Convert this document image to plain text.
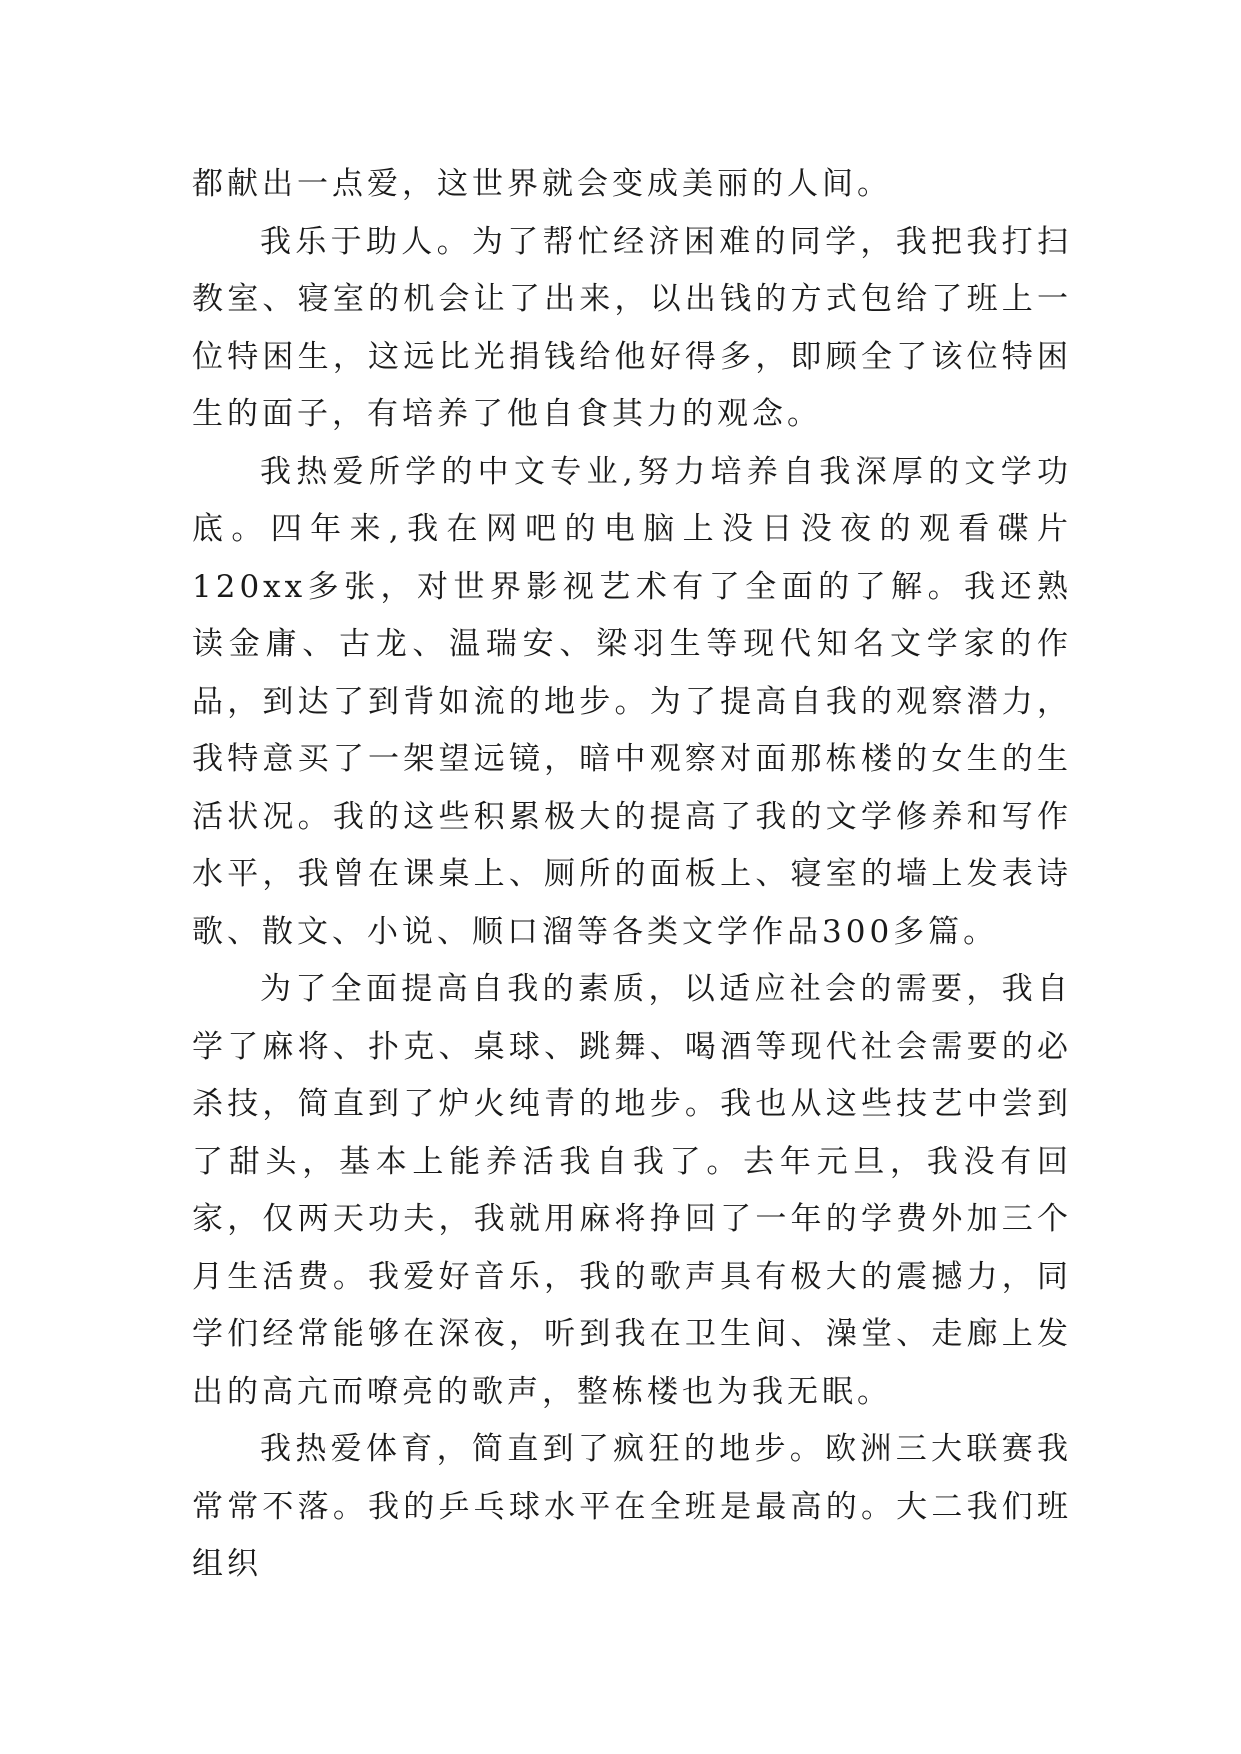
都献出一点爱，这世界就会变成美丽的人间。

我乐于助人。为了帮忙经济困难的同学，我把我打扫教室、寝室的机会让了出来，以出钱的方式包给了班上一位特困生，这远比光捐钱给他好得多，即顾全了该位特困生的面子，有培养了他自食其力的观念。

我热爱所学的中文专业,努力培养自我深厚的文学功底。四年来,我在网吧的电脑上没日没夜的观看碟片120xx多张，对世界影视艺术有了全面的了解。我还熟读金庸、古龙、温瑞安、梁羽生等现代知名文学家的作品，到达了到背如流的地步。为了提高自我的观察潜力，我特意买了一架望远镜，暗中观察对面那栋楼的女生的生活状况。我的这些积累极大的提高了我的文学修养和写作水平，我曾在课桌上、厕所的面板上、寝室的墙上发表诗歌、散文、小说、顺口溜等各类文学作品300多篇。

为了全面提高自我的素质，以适应社会的需要，我自学了麻将、扑克、桌球、跳舞、喝酒等现代社会需要的必杀技，简直到了炉火纯青的地步。我也从这些技艺中尝到了甜头，基本上能养活我自我了。去年元旦，我没有回家，仅两天功夫，我就用麻将挣回了一年的学费外加三个月生活费。我爱好音乐，我的歌声具有极大的震撼力，同学们经常能够在深夜，听到我在卫生间、澡堂、走廊上发出的高亢而嘹亮的歌声，整栋楼也为我无眠。

我热爱体育，简直到了疯狂的地步。欧洲三大联赛我常常不落。我的乒乓球水平在全班是最高的。大二我们班组织
